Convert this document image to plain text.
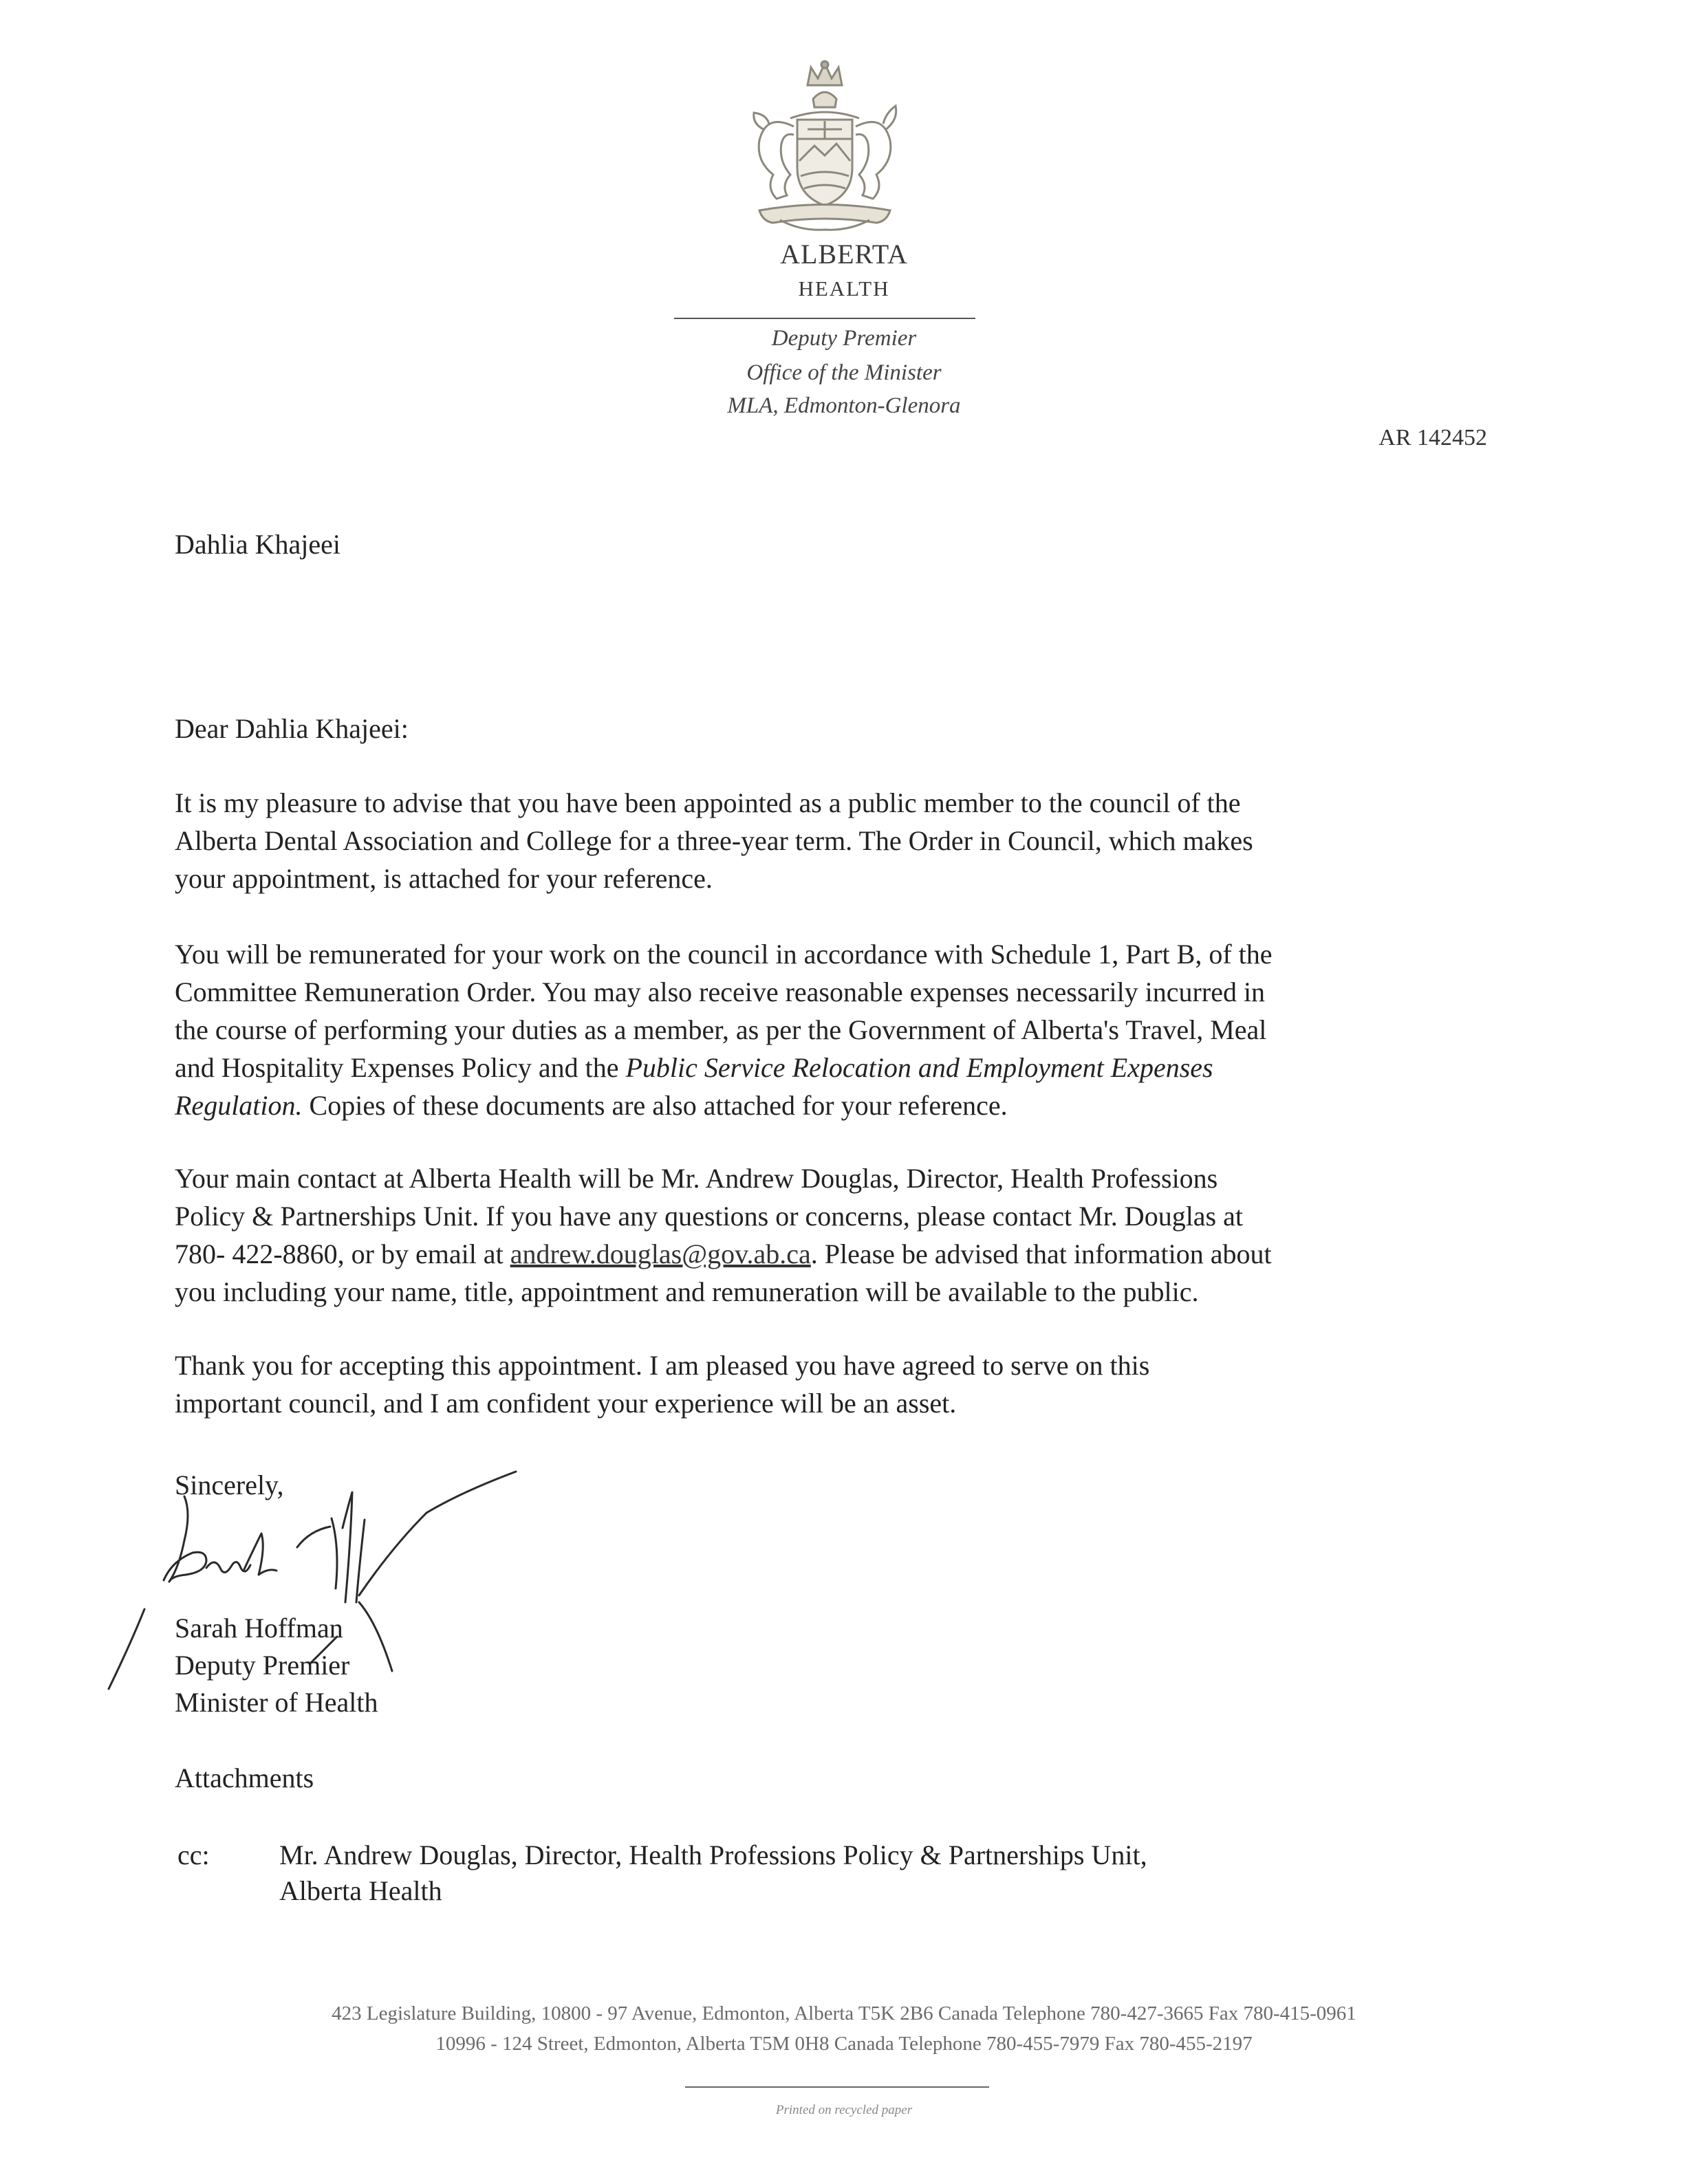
ALBERTA
HEALTH
Deputy Premier
Office of the Minister
MLA, Edmonton-Glenora
AR 142452
Dahlia Khajeei
Dear Dahlia Khajeei:
It is my pleasure to advise that you have been appointed as a public member to the council of the
Alberta Dental Association and College for a three-year term. The Order in Council, which makes
your appointment, is attached for your reference.
You will be remunerated for your work on the council in accordance with Schedule 1, Part B, of the
Committee Remuneration Order. You may also receive reasonable expenses necessarily incurred in
the course of performing your duties as a member, as per the Government of Alberta's Travel, Meal
and Hospitality Expenses Policy and the Public Service Relocation and Employment Expenses
Regulation. Copies of these documents are also attached for your reference.
Your main contact at Alberta Health will be Mr. Andrew Douglas, Director, Health Professions
Policy & Partnerships Unit. If you have any questions or concerns, please contact Mr. Douglas at
780- 422-8860, or by email at andrew.douglas@gov.ab.ca. Please be advised that information about
you including your name, title, appointment and remuneration will be available to the public.
Thank you for accepting this appointment. I am pleased you have agreed to serve on this
important council, and I am confident your experience will be an asset.
Sincerely,
Sarah Hoffman
Deputy Premier
Minister of Health
Attachments
cc:	Mr. Andrew Douglas, Director, Health Professions Policy & Partnerships Unit,
Alberta Health
423 Legislature Building, 10800 - 97 Avenue, Edmonton, Alberta T5K 2B6 Canada Telephone 780-427-3665 Fax 780-415-0961
10996 - 124 Street, Edmonton, Alberta T5M 0H8 Canada Telephone 780-455-7979 Fax 780-455-2197
Printed on recycled paper
